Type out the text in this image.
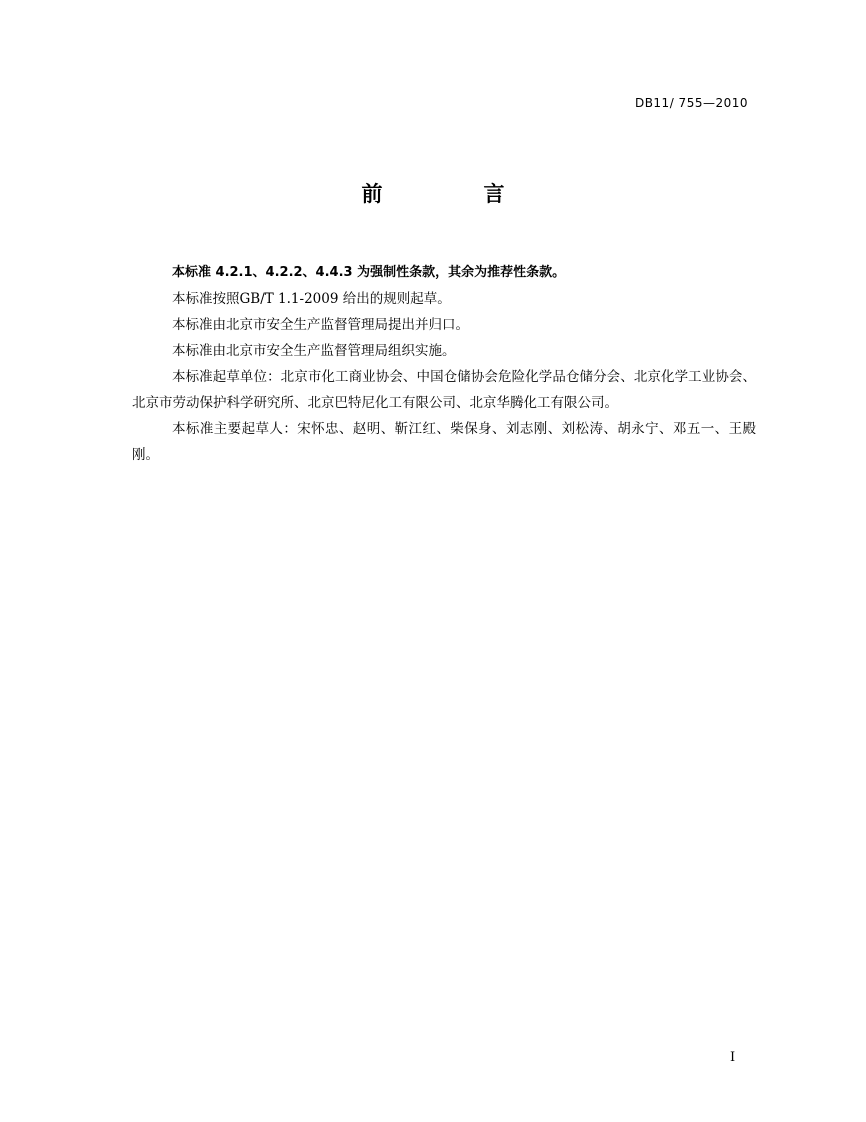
DB11/ 755—2010
前　言

本标准 4.2.1、4.2.2、4.4.3 为强制性条款，其余为推荐性条款。

本标准按照GB/T 1.1-2009 给出的规则起草。

本标准由北京市安全生产监督管理局提出并归口。

本标准由北京市安全生产监督管理局组织实施。

本标准起草单位：北京市化工商业协会、中国仓储协会危险化学品仓储分会、北京化学工业协会、北京市劳动保护科学研究所、北京巴特尼化工有限公司、北京华腾化工有限公司。

本标准主要起草人：宋怀忠、赵明、靳江红、柴保身、刘志刚、刘松涛、胡永宁、邓五一、王殿刚。

I
